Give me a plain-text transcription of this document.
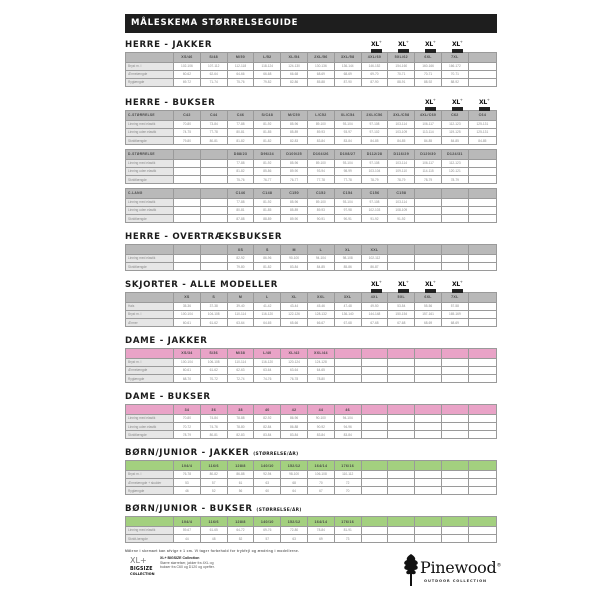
MÅLESKEMA STØRRELSEGUIDE
XL+	XL+	XL+	XL+
HERRE - JAKKER
	XS/46	S/48	M/50	L/52	XL/54	2XL/56	3XL/58	4XL/60	5XL/62	6XL	7XL	
Bryst m. l	102-106	107-112	112-118	118-124	124-130	130-136	136-144	146-152	154-160	160-166	166-172	
Ærmelængde	60-62	62-64	64-66	66-68	66-68	68-69	68-69	69-70	70-71	70-71	70-71	
Ryglængde	69-72	71-74	75-76	79-82	82-86	85-88	87-90	87-90	88-91	88-92	88-92	
XL+	XL+	XL+
HERRE - BUKSER
C-STØRRELSE	C42	C44	C46	S/C48	M/C50	L/C52	XL/C54	2XL/C56	3XL/C58	4XL/C60	C62	C64
Linning med elastik	70-80	73-84	77-88	81-92	85-96	89-100	93-104	97-108	103-114	106-117	112-123	125-131
Linning uden elastik	74-75	77-78	80-81	81-85	85-89	89-93	93-97	97-102	103-109	113-114	119-125	125-131
Skridtlængde	79-80	80-81	81-82	81-82	82-83	83-84	83-84	84-85	84-85	84-85	84-85	84-85
D-STØRRELSE			D88/23	D96/24	D100/25	D104/26	D108/27	D112/28	D116/29	D120/30	D124/31	
Linning med elastik			77-88	81-92	85-96	89-100	93-104	97-108	103-114	106-117	112-123	
Linning uden elastik			81-82	85-86	89-90	93-94	98-99	103-104	109-110	114-115	120-121	
Skridtlængde			75-76	76-77	76-77	77-78	77-78	78-79	78-79	78-79	78-79	
C-LANG			C146	C148	C150	C152	C154	C156	C158			
Linning med elastik			77-88	81-92	85-96	89-100	93-104	97-108	103-114			
Linning uden elastik			80-81	81-85	85-89	89-93	97-98	102-103	108-109			
Skridtlængde			87-88	88-89	89-90	90-91	90-91	91-92	91-92			
HERRE - OVERTRÆKSBUKSER
			XS	S	M	L	XL	XXL				
Linning med elastik			82-92	86-96	90-100	94-104	98-108	102-112				
Skridtlængde			79-80	81-82	83-84	84-85	85-86	86-87				
XL+	XL+	XL+	XL+
SKJORTER - ALLE MODELLER
	XS	S	M	L	XL	XXL	3XL	4XL	5XL	6XL	7XL	
Hals	35-36	37-38	39-40	41-42	43-44	45-46	47-48	49-50	53-54	55-56	57-58	
Bryst m. l	100-104	104-108	110-114	116-120	122-126	128-132	136-140	144-148	150-154	157-161	165-169	
Ærmer	60-61	61-62	63-64	64-65	65-66	66-67	67-68	67-68	67-68	68-69	68-69	
DAME - JAKKER
	XS/34	S/36	M/38	L/40	XL/42	XXL/44						
Bryst m. l	100-104	106-108	110-114	116-120	120-124	124-128						
Ærmelængde	60-61	61-62	62-63	63-64	63-64	64-65						
Ryglængde	68-70	70-72	72-74	74-76	76-78	78-80						
DAME - BUKSER
	34	36	38	40	42	44	46					
Linning med elastik	70-80	74-84	78-88	82-92	86-96	90-100	94-104					
Linning uden elastik	70-72	74-76	78-80	82-84	86-88	90-92	94-96					
Skridtlængde	78-79	80-81	82-83	83-84	83-84	83-84	83-84					
BØRN/JUNIOR - JAKKER (STØRRELSE/ÅR)
	104/4	116/6	128/8	140/10	152/12	164/14	176/16					
Bryst m. l	76-78	80-82	86-88	92-94	98-100	106-108	110-112					
Ærmelængde + skulder	53	57	61	63	68	70	72					
Ryglængde	46	52	56	60	64	67	70					
BØRN/JUNIOR - BUKSER (STØRRELSE/ÅR)
	104/4	116/6	128/8	140/10	152/12	164/14	176/16					
Linning med elastik	59-67	61-65	64-72	69-76	72-80	78-84	81-91					
Skridt-længde	44	48	52	57	63	69	73					
Målene i skemaet kan afvige ± 1 cm. Vi tager forbehold for trykfejl og ændring i modellerne.
XL+
BIGSIZE
COLLECTION
XL+ BIGSIZE Collection
Større størrelser, jakker fra 4XL og
bukser fra C60 og D120 og opefter.	Pinewood®
OUTDOOR COLLECTION
